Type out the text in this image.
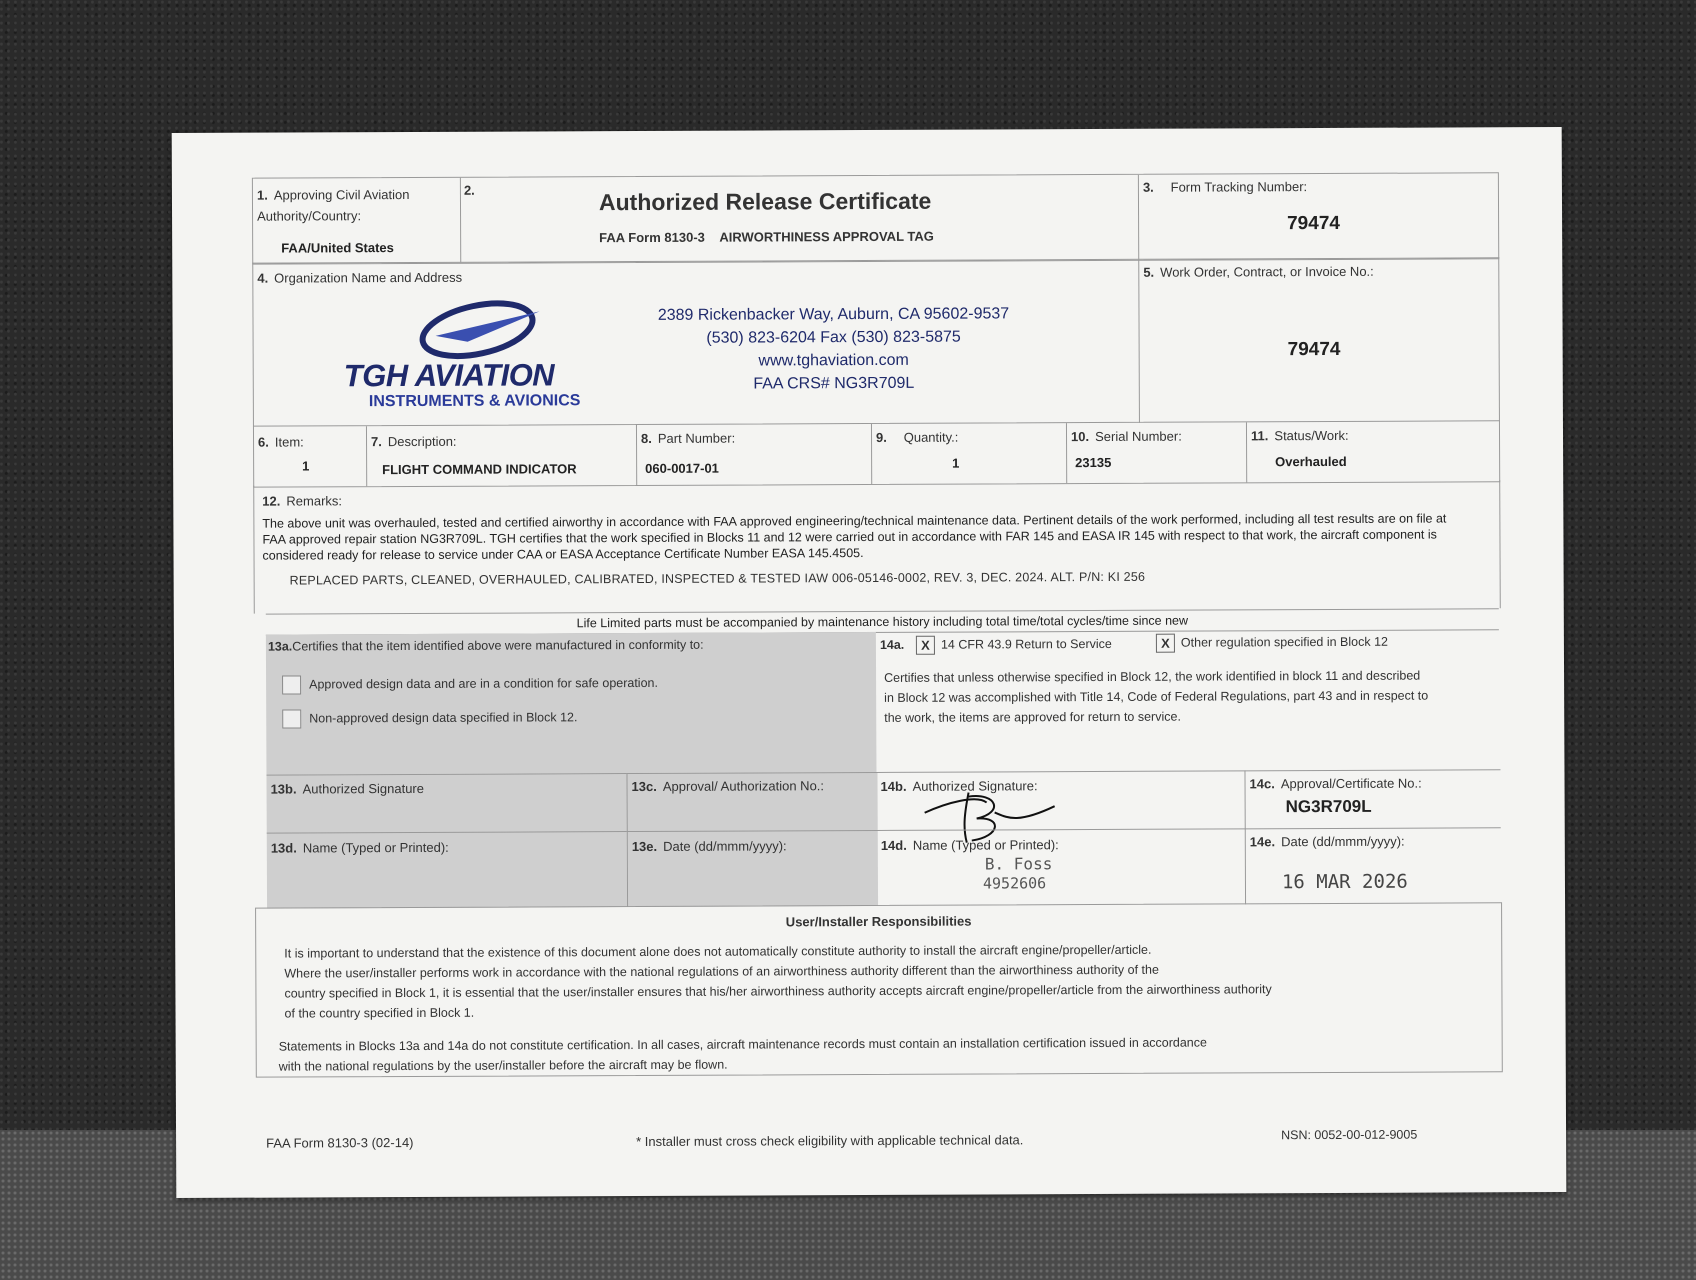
1. Approving Civil Aviation Authority/Country:
FAA/United States
2.	Authorized Release Certificate
FAA Form 8130-3 AIRWORTHINESS APPROVAL TAG
3. Form Tracking Number:
79474
4. Organization Name and Address
TGH AVIATION
INSTRUMENTS & AVIONICS
2389 Rickenbacker Way, Auburn, CA 95602-9537
(530) 823-6204 Fax (530) 823-5875
www.tghaviation.com
FAA CRS# NG3R709L
5. Work Order, Contract, or Invoice No.:
79474
6. Item:
1
7. Description:
FLIGHT COMMAND INDICATOR
8. Part Number:
060-0017-01
9. Quantity.:
1
10. Serial Number:
23135
11. Status/Work:
Overhauled
12. Remarks:
The above unit was overhauled, tested and certified airworthy in accordance with FAA approved engineering/technical maintenance data. Pertinent details of the work performed, including all test results are on file at FAA approved repair station NG3R709L. TGH certifies that the work specified in Blocks 11 and 12 were carried out in accordance with FAR 145 and EASA IR 145 with respect to that work, the aircraft component is considered ready for release to service under CAA or EASA Acceptance Certificate Number EASA 145.4505.
REPLACED PARTS, CLEANED, OVERHAULED, CALIBRATED, INSPECTED & TESTED IAW 006-05146-0002, REV. 3, DEC. 2024. ALT. P/N: KI 256
Life Limited parts must be accompanied by maintenance history including total time/total cycles/time since new
13a.Certifies that the item identified above were manufactured in conformity to:
Approved design data and are in a condition for safe operation.
Non-approved design data specified in Block 12.
14a.	X 14 CFR 43.9 Return to Service	X Other regulation specified in Block 12
Certifies that unless otherwise specified in Block 12, the work identified in block 11 and described in Block 12 was accomplished with Title 14, Code of Federal Regulations, part 43 and in respect to the work, the items are approved for return to service.
13b. Authorized Signature	13c. Approval/ Authorization No.:	14b. Authorized Signature:	14c. Approval/Certificate No.:
NG3R709L
13d. Name (Typed or Printed):	13e. Date (dd/mmm/yyyy):	14d. Name (Typed or Printed):
B. Foss
4952606
14e. Date (dd/mmm/yyyy):
16 MAR 2026
User/Installer Responsibilities
It is important to understand that the existence of this document alone does not automatically constitute authority to install the aircraft engine/propeller/article.
Where the user/installer performs work in accordance with the national regulations of an airworthiness authority different than the airworthiness authority of the
country specified in Block 1, it is essential that the user/installer ensures that his/her airworthiness authority accepts aircraft engine/propeller/article from the airworthiness authority
of the country specified in Block 1.
Statements in Blocks 13a and 14a do not constitute certification. In all cases, aircraft maintenance records must contain an installation certification issued in accordance
with the national regulations by the user/installer before the aircraft may be flown.
FAA Form 8130-3 (02-14)	* Installer must cross check eligibility with applicable technical data.	NSN: 0052-00-012-9005
